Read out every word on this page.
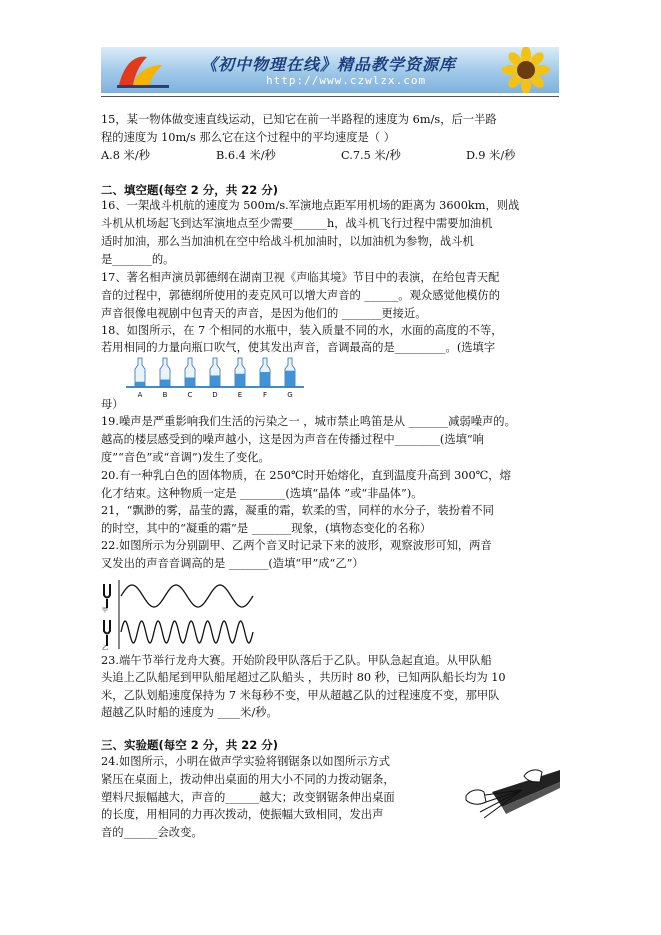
《初中物理在线》精品教学资源库
http://www.czwlzx.com
15，某一物体做变速直线运动，已知它在前一半路程的速度为 6m/s，后一半路
程的速度为 10m/s 那么它在这个过程中的平均速度是（ ）
A.8 米/秒	B.6.4 米/秒	C.7.5 米/秒	D.9 米/秒
二、填空题(每空 2 分，共 22 分)
16、一架战斗机航的速度为 500m/s.军演地点距军用机场的距离为 3600km，则战
斗机从机场起飞到达军演地点至少需要______h，战斗机飞行过程中需要加油机
适时加油，那么当加油机在空中给战斗机加油时，以加油机为参物，战斗机
是_______的。
17、著名相声演员郭德纲在湖南卫视《声临其境》节目中的表演，在给包青天配
音的过程中，郭德纲所使用的麦克风可以增大声音的 ______。观众感觉他模仿的
声音很像电视剧中包青天的声音，是因为他们的 _______更接近。
18、如图所示，在 7 个相同的水瓶中，装入质量不同的水，水面的高度的不等，
若用相同的力量向瓶口吹气，使其发出声音，音调最高的是_________。(选填字
A	B	C	D	E	F	G
母）
19.噪声是严重影响我们生活的污染之一 ，城市禁止鸣笛是从 _______减弱噪声的。
越高的楼层感受到的噪声越小，这是因为声音在传播过程中________(选填“响
度”“音色”或“音调”)发生了变化。
20.有一种乳白色的固体物质，在 250℃时开始熔化，直到温度升高到 300℃，熔
化才结束。这种物质一定是 ________(选填“晶体 ”或“非晶体”)。
21，“飘渺的雾，晶莹的露，凝重的霜，软柔的雪，同样的水分子，装扮着不同
的时空，其中的“凝重的霜”是 _______现象，(填物态变化的名称）
22.如图所示为分别副甲、乙两个音叉时记录下来的波形，观察波形可知，两音
叉发出的声音音调高的是 _______(造填“甲”成“乙”）
甲
乙
23.端午节举行龙舟大赛。开始阶段甲队落后于乙队。甲队急起直追。从甲队船
头追上乙队船尾到甲队船尾超过乙队船头 ，共历时 80 秒，已知两队船长均为 10
米，乙队划船速度保持为 7 米每秒不变，甲从超越乙队的过程速度不变，那甲队
超越乙队时船的速度为 ____米/秒。
三、实验题(每空 2 分，共 22 分)
24.如图所示，小明在做声学实验将钢锯条以如图所示方式
紧压在桌面上，拨动伸出桌面的用大小不同的力拨动锯条，
塑料尺振幅越大，声音的______越大；改变钢锯条伸出桌面
的长度，用相同的力再次拨动，使振幅大致相同，发出声
音的______会改变。
